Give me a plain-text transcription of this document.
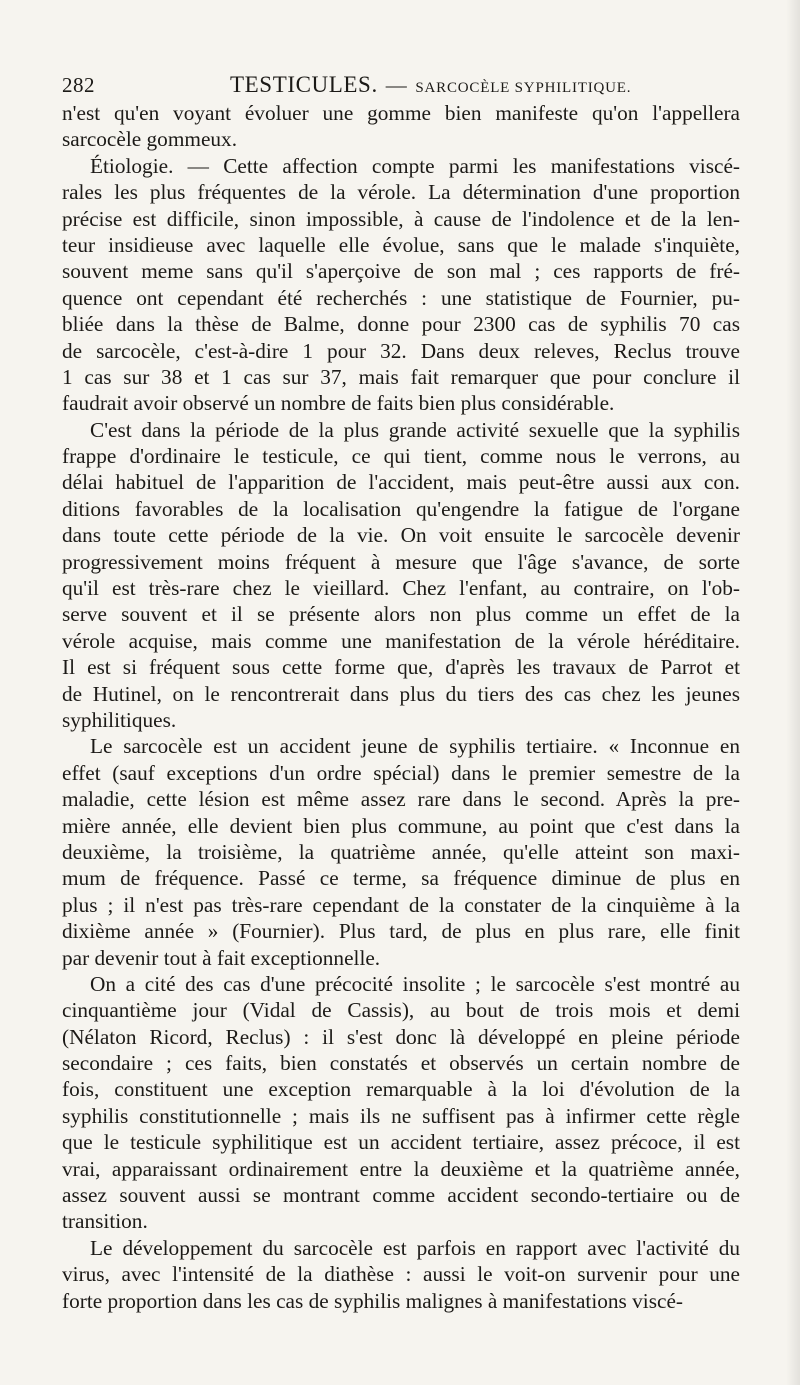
282	TESTICULES. — SARCOCÈLE SYPHILITIQUE.
n'est qu'en voyant évoluer une gomme bien manifeste qu'on l'appellera
sarcocèle gommeux.
Étiologie. — Cette affection compte parmi les manifestations viscé-
rales les plus fréquentes de la vérole. La détermination d'une proportion
précise est difficile, sinon impossible, à cause de l'indolence et de la len-
teur insidieuse avec laquelle elle évolue, sans que le malade s'inquiète,
souvent meme sans qu'il s'aperçoive de son mal ; ces rapports de fré-
quence ont cependant été recherchés : une statistique de Fournier, pu-
bliée dans la thèse de Balme, donne pour 2300 cas de syphilis 70 cas
de sarcocèle, c'est-à-dire 1 pour 32. Dans deux releves, Reclus trouve
1 cas sur 38 et 1 cas sur 37, mais fait remarquer que pour conclure il
faudrait avoir observé un nombre de faits bien plus considérable.
C'est dans la période de la plus grande activité sexuelle que la syphilis
frappe d'ordinaire le testicule, ce qui tient, comme nous le verrons, au
délai habituel de l'apparition de l'accident, mais peut-être aussi aux con.
ditions favorables de la localisation qu'engendre la fatigue de l'organe
dans toute cette période de la vie. On voit ensuite le sarcocèle devenir
progressivement moins fréquent à mesure que l'âge s'avance, de sorte
qu'il est très-rare chez le vieillard. Chez l'enfant, au contraire, on l'ob-
serve souvent et il se présente alors non plus comme un effet de la
vérole acquise, mais comme une manifestation de la vérole héréditaire.
Il est si fréquent sous cette forme que, d'après les travaux de Parrot et
de Hutinel, on le rencontrerait dans plus du tiers des cas chez les jeunes
syphilitiques.
Le sarcocèle est un accident jeune de syphilis tertiaire. « Inconnue en
effet (sauf exceptions d'un ordre spécial) dans le premier semestre de la
maladie, cette lésion est même assez rare dans le second. Après la pre-
mière année, elle devient bien plus commune, au point que c'est dans la
deuxième, la troisième, la quatrième année, qu'elle atteint son maxi-
mum de fréquence. Passé ce terme, sa fréquence diminue de plus en
plus ; il n'est pas très-rare cependant de la constater de la cinquième à la
dixième année » (Fournier). Plus tard, de plus en plus rare, elle finit
par devenir tout à fait exceptionnelle.
On a cité des cas d'une précocité insolite ; le sarcocèle s'est montré au
cinquantième jour (Vidal de Cassis), au bout de trois mois et demi
(Nélaton Ricord, Reclus) : il s'est donc là développé en pleine période
secondaire ; ces faits, bien constatés et observés un certain nombre de
fois, constituent une exception remarquable à la loi d'évolution de la
syphilis constitutionnelle ; mais ils ne suffisent pas à infirmer cette règle
que le testicule syphilitique est un accident tertiaire, assez précoce, il est
vrai, apparaissant ordinairement entre la deuxième et la quatrième année,
assez souvent aussi se montrant comme accident secondo-tertiaire ou de
transition.
Le développement du sarcocèle est parfois en rapport avec l'activité du
virus, avec l'intensité de la diathèse : aussi le voit-on survenir pour une
forte proportion dans les cas de syphilis malignes à manifestations viscé-
